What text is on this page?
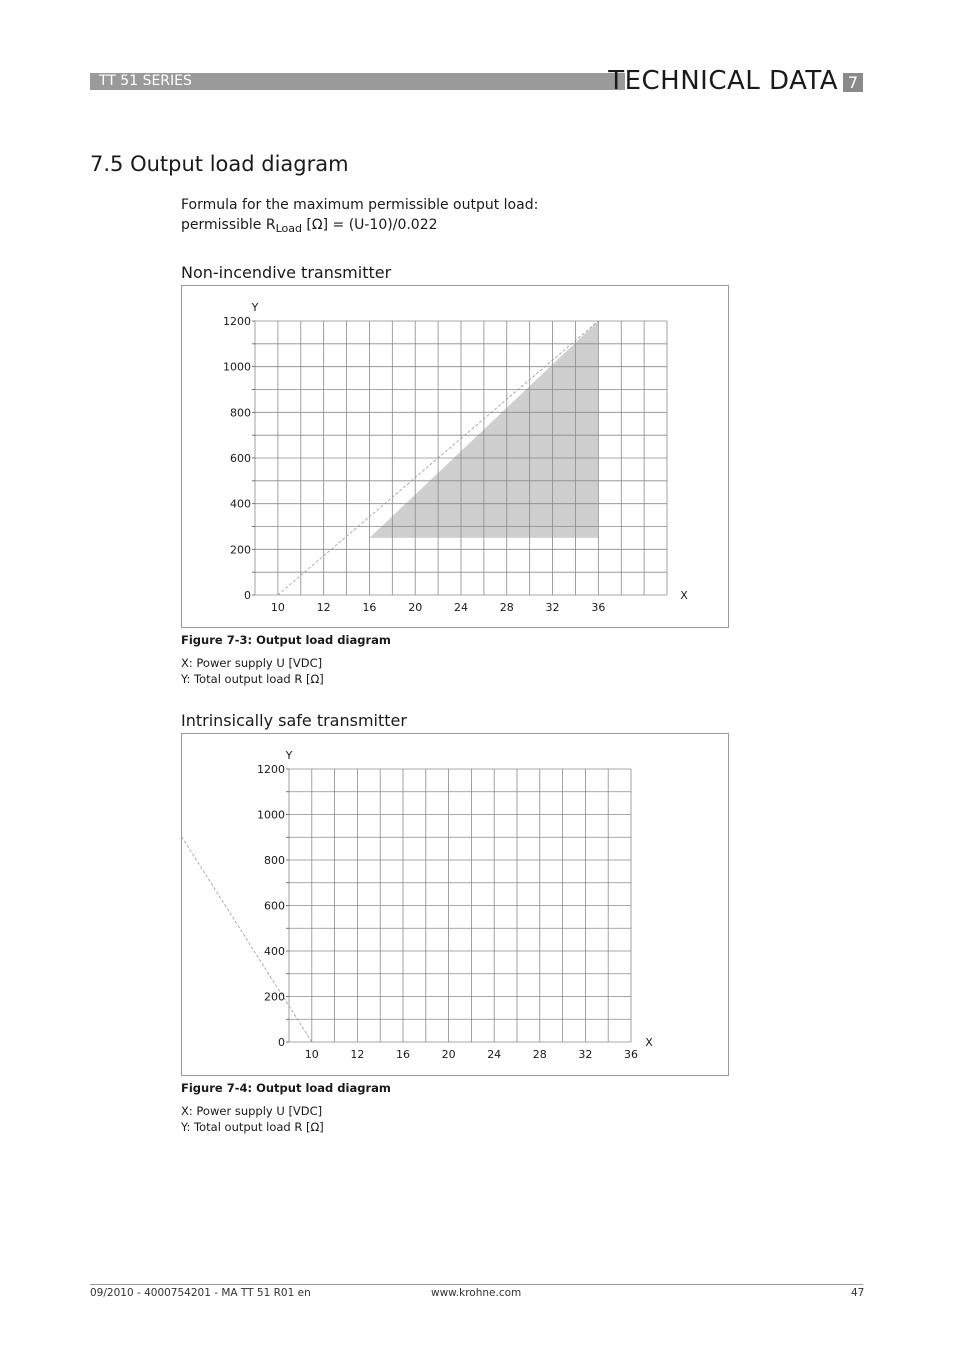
TT 51 SERIES	TECHNICAL DATA 7
7.5 Output load diagram
Formula for the maximum permissible output load:
permissible $R_{Load}$ [Ω] = (U-10)/0.022
Non-incendive transmitter
0
200
400
600
800
1000
1200
10	12	16	20	24	28	32	36
Y
X
Figure 7-3: Output load diagram
X: Power supply U [VDC]
Y: Total output load R [Ω]
Intrinsically safe transmitter
0
200
400
600
800
1000
1200
10	12	16	20	24	28	32	36
Y
X
Figure 7-4: Output load diagram
X: Power supply U [VDC]
Y: Total output load R [Ω]
09/2010 - 4000754201 - MA TT 51 R01 en	www.krohne.com	47
